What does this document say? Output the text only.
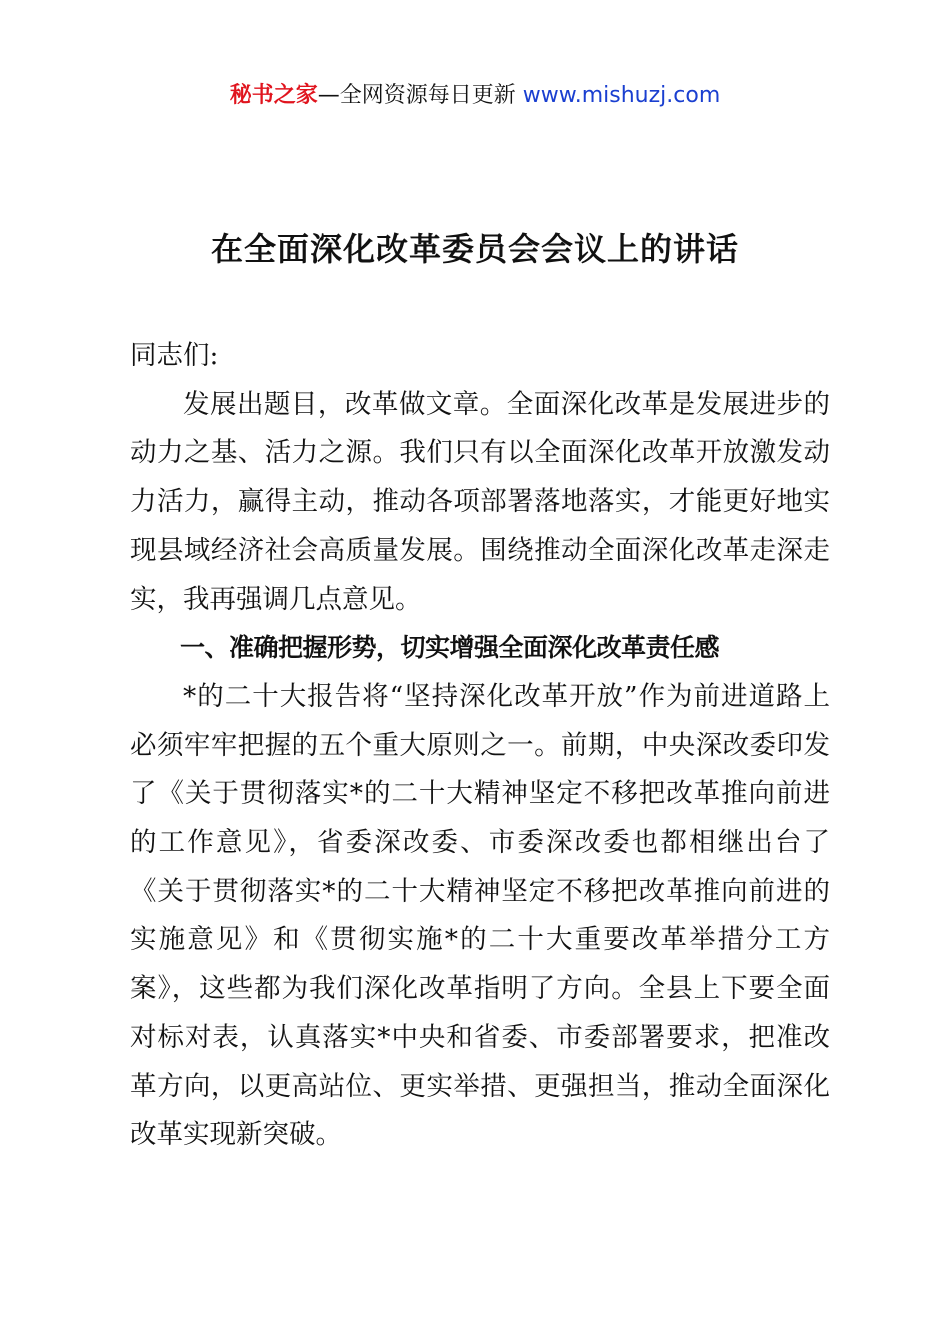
秘书之家—全网资源每日更新 www.mishuzj.com
在全面深化改革委员会会议上的讲话

同志们:

发展出题目，改革做文章。全面深化改革是发展进步的动力之基、活力之源。我们只有以全面深化改革开放激发动力活力，赢得主动，推动各项部署落地落实，才能更好地实现县域经济社会高质量发展。围绕推动全面深化改革走深走实，我再强调几点意见。

一、准确把握形势，切实增强全面深化改革责任感

*的二十大报告将“坚持深化改革开放”作为前进道路上必须牢牢把握的五个重大原则之一。前期，中央深改委印发了《关于贯彻落实*的二十大精神坚定不移把改革推向前进的工作意见》，省委深改委、市委深改委也都相继出台了《关于贯彻落实*的二十大精神坚定不移把改革推向前进的实施意见》和《贯彻实施*的二十大重要改革举措分工方案》，这些都为我们深化改革指明了方向。全县上下要全面对标对表，认真落实*中央和省委、市委部署要求，把准改革方向，以更高站位、更实举措、更强担当，推动全面深化改革实现新突破。
